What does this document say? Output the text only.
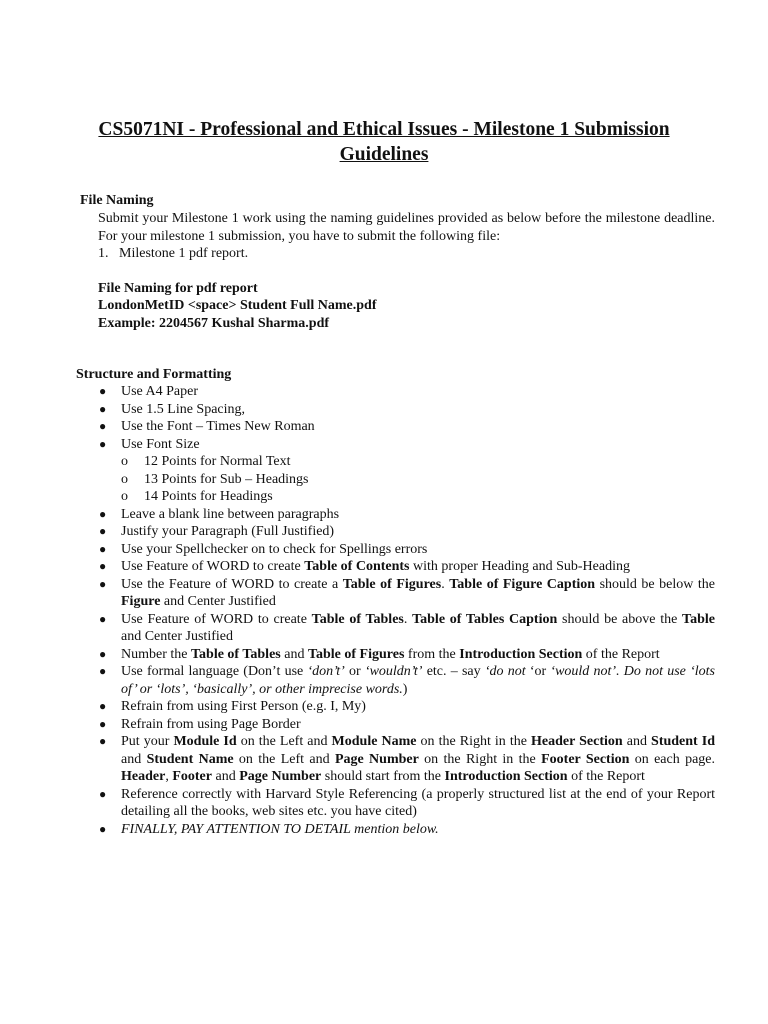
CS5071NI - Professional and Ethical Issues - Milestone 1 Submission Guidelines
File Naming
Submit your Milestone 1 work using the naming guidelines provided as below before the milestone deadline. For your milestone 1 submission, you have to submit the following file:
1.   Milestone 1 pdf report.
File Naming for pdf report
LondonMetID <space> Student Full Name.pdf
Example: 2204567 Kushal Sharma.pdf
Structure and Formatting
● Use A4 Paper
● Use 1.5 Line Spacing,
● Use the Font – Times New Roman
● Use Font Size
o 12 Points for Normal Text
o 13 Points for Sub – Headings
o 14 Points for Headings
● Leave a blank line between paragraphs
● Justify your Paragraph (Full Justified)
● Use your Spellchecker on to check for Spellings errors
● Use Feature of WORD to create Table of Contents with proper Heading and Sub-Heading
● Use the Feature of WORD to create a Table of Figures. Table of Figure Caption should be below the Figure and Center Justified
● Use Feature of WORD to create Table of Tables. Table of Tables Caption should be above the Table and Center Justified
● Number the Table of Tables and Table of Figures from the Introduction Section of the Report
● Use formal language (Don’t use ‘don’t’ or ‘wouldn’t’ etc. – say ‘do not ‘or ‘would not’. Do not use ‘lots of’ or ‘lots’, ‘basically’, or other imprecise words.)
● Refrain from using First Person (e.g. I, My)
● Refrain from using Page Border
● Put your Module Id on the Left and Module Name on the Right in the Header Section and Student Id and Student Name on the Left and Page Number on the Right in the Footer Section on each page. Header, Footer and Page Number should start from the Introduction Section of the Report
● Reference correctly with Harvard Style Referencing (a properly structured list at the end of your Report detailing all the books, web sites etc. you have cited)
● FINALLY, PAY ATTENTION TO DETAIL mention below.
